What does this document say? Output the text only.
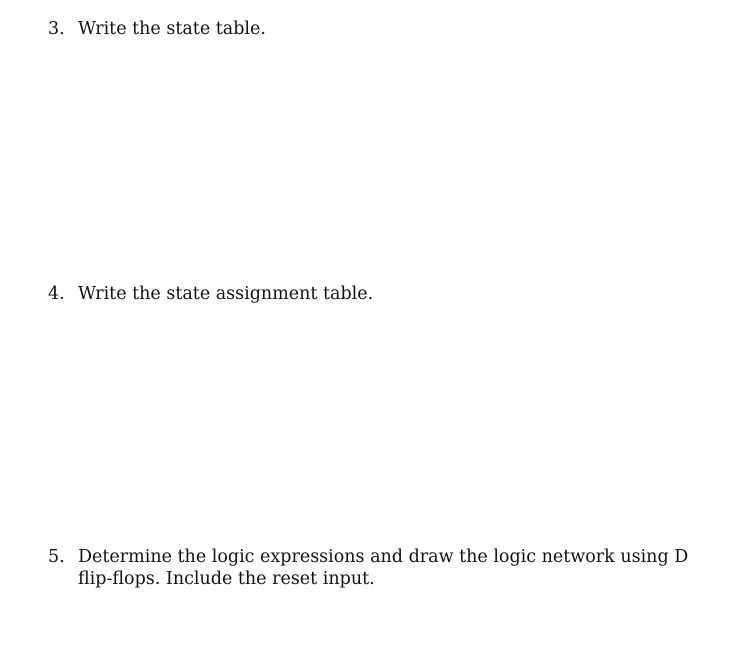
3. Write the state table.
4. Write the state assignment table.
5. Determine the logic expressions and draw the logic network using D flip-flops. Include the reset input.
